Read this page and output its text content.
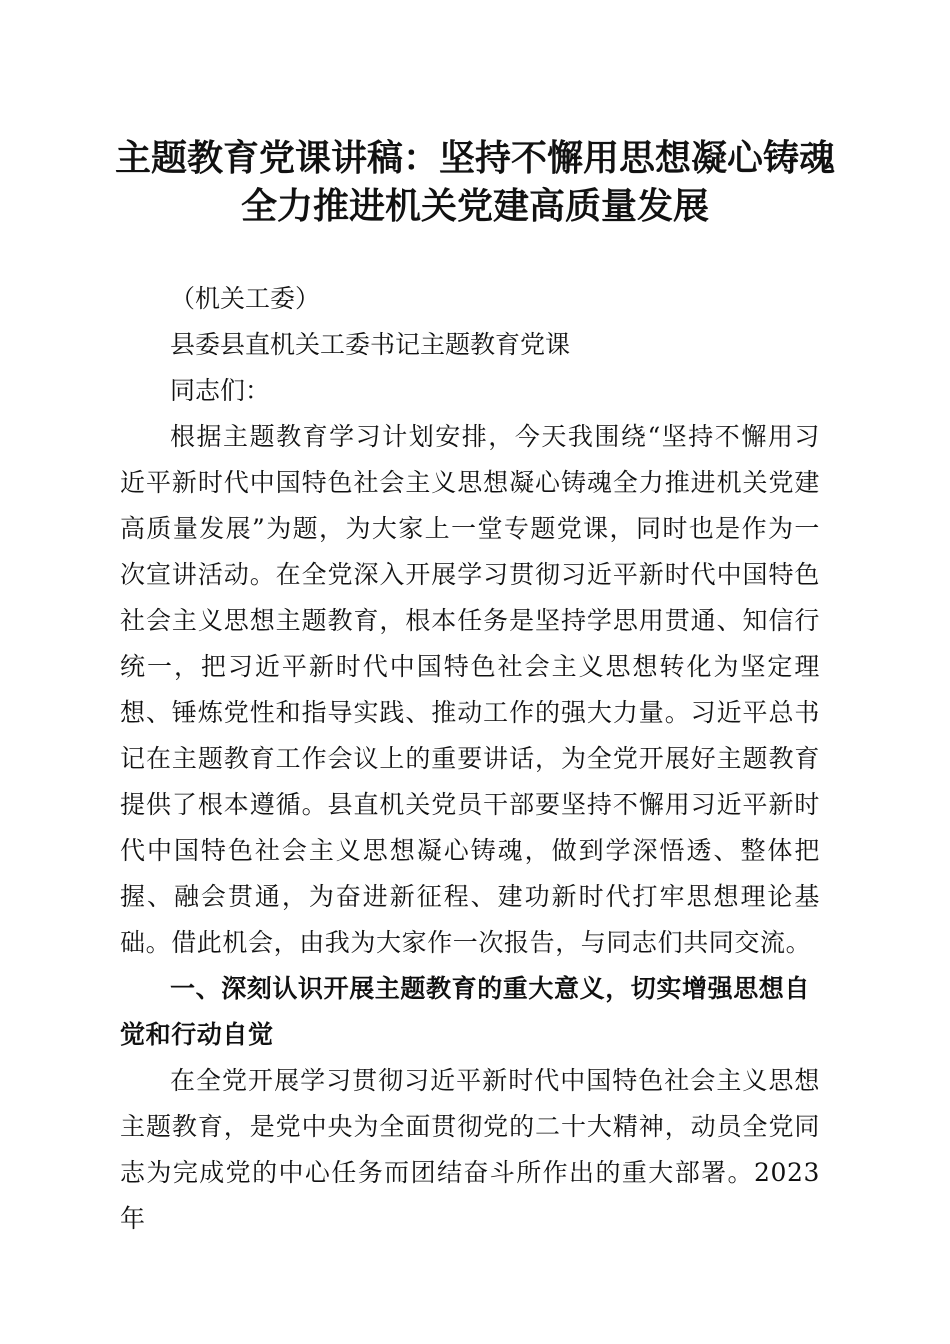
主题教育党课讲稿：坚持不懈用思想凝心铸魂
全力推进机关党建高质量发展
（机关工委）
县委县直机关工委书记主题教育党课
同志们：
根据主题教育学习计划安排，今天我围绕“坚持不懈用习近平新时代中国特色社会主义思想凝心铸魂全力推进机关党建高质量发展”为题，为大家上一堂专题党课，同时也是作为一次宣讲活动。在全党深入开展学习贯彻习近平新时代中国特色社会主义思想主题教育，根本任务是坚持学思用贯通、知信行统一，把习近平新时代中国特色社会主义思想转化为坚定理想、锤炼党性和指导实践、推动工作的强大力量。习近平总书记在主题教育工作会议上的重要讲话，为全党开展好主题教育提供了根本遵循。县直机关党员干部要坚持不懈用习近平新时代中国特色社会主义思想凝心铸魂，做到学深悟透、整体把握、融会贯通，为奋进新征程、建功新时代打牢思想理论基础。借此机会，由我为大家作一次报告，与同志们共同交流。
一、深刻认识开展主题教育的重大意义，切实增强思想自觉和行动自觉
在全党开展学习贯彻习近平新时代中国特色社会主义思想主题教育，是党中央为全面贯彻党的二十大精神，动员全党同志为完成党的中心任务而团结奋斗所作出的重大部署。2023年
